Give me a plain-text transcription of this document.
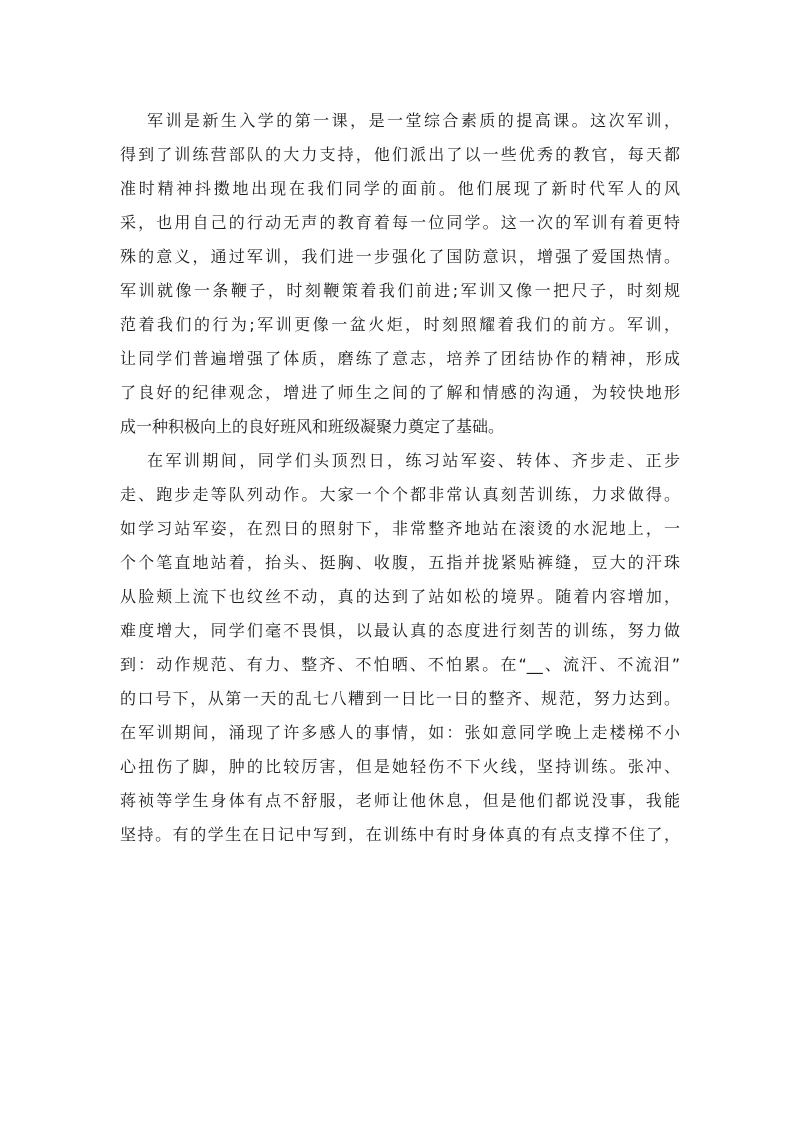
军训是新生入学的第一课，是一堂综合素质的提高课。这次军训，
得到了训练营部队的大力支持，他们派出了以一些优秀的教官，每天都
准时精神抖擞地出现在我们同学的面前。他们展现了新时代军人的风
采，也用自己的行动无声的教育着每一位同学。这一次的军训有着更特
殊的意义，通过军训，我们进一步强化了国防意识，增强了爱国热情。
军训就像一条鞭子，时刻鞭策着我们前进;军训又像一把尺子，时刻规
范着我们的行为;军训更像一盆火炬，时刻照耀着我们的前方。军训，
让同学们普遍增强了体质，磨练了意志，培养了团结协作的精神，形成
了良好的纪律观念，增进了师生之间的了解和情感的沟通，为较快地形
成一种积极向上的良好班风和班级凝聚力奠定了基础。
在军训期间，同学们头顶烈日，练习站军姿、转体、齐步走、正步
走、跑步走等队列动作。大家一个个都非常认真刻苦训练，力求做得。
如学习站军姿，在烈日的照射下，非常整齐地站在滚烫的水泥地上，一
个个笔直地站着，抬头、挺胸、收腹，五指并拢紧贴裤缝，豆大的汗珠
从脸颊上流下也纹丝不动，真的达到了站如松的境界。随着内容增加，
难度增大，同学们毫不畏惧，以最认真的态度进行刻苦的训练，努力做
到：动作规范、有力、整齐、不怕晒、不怕累。在“__、流汗、不流泪”
的口号下，从第一天的乱七八糟到一日比一日的整齐、规范，努力达到。
在军训期间，涌现了许多感人的事情，如：张如意同学晚上走楼梯不小
心扭伤了脚，肿的比较厉害，但是她轻伤不下火线，坚持训练。张冲、
蒋祯等学生身体有点不舒服，老师让他休息，但是他们都说没事，我能
坚持。有的学生在日记中写到，在训练中有时身体真的有点支撑不住了，
